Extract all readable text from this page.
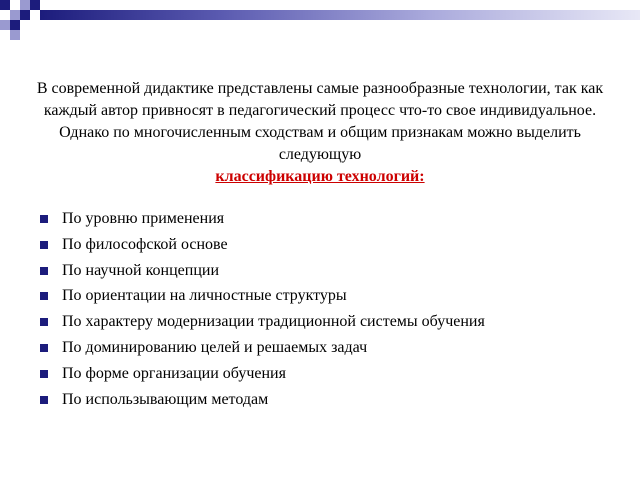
В современной дидактике представлены самые разнообразные технологии, так как каждый автор привносят в педагогический процесс что-то свое индивидуальное. Однако по многочисленным сходствам и общим признакам можно выделить следующую

классификацию технологий:

По уровню применения
По философской основе
По научной концепции
По ориентации на личностные структуры
По характеру модернизации традиционной системы обучения
По доминированию целей и решаемых задач
По форме организации обучения
По использывающим методам
